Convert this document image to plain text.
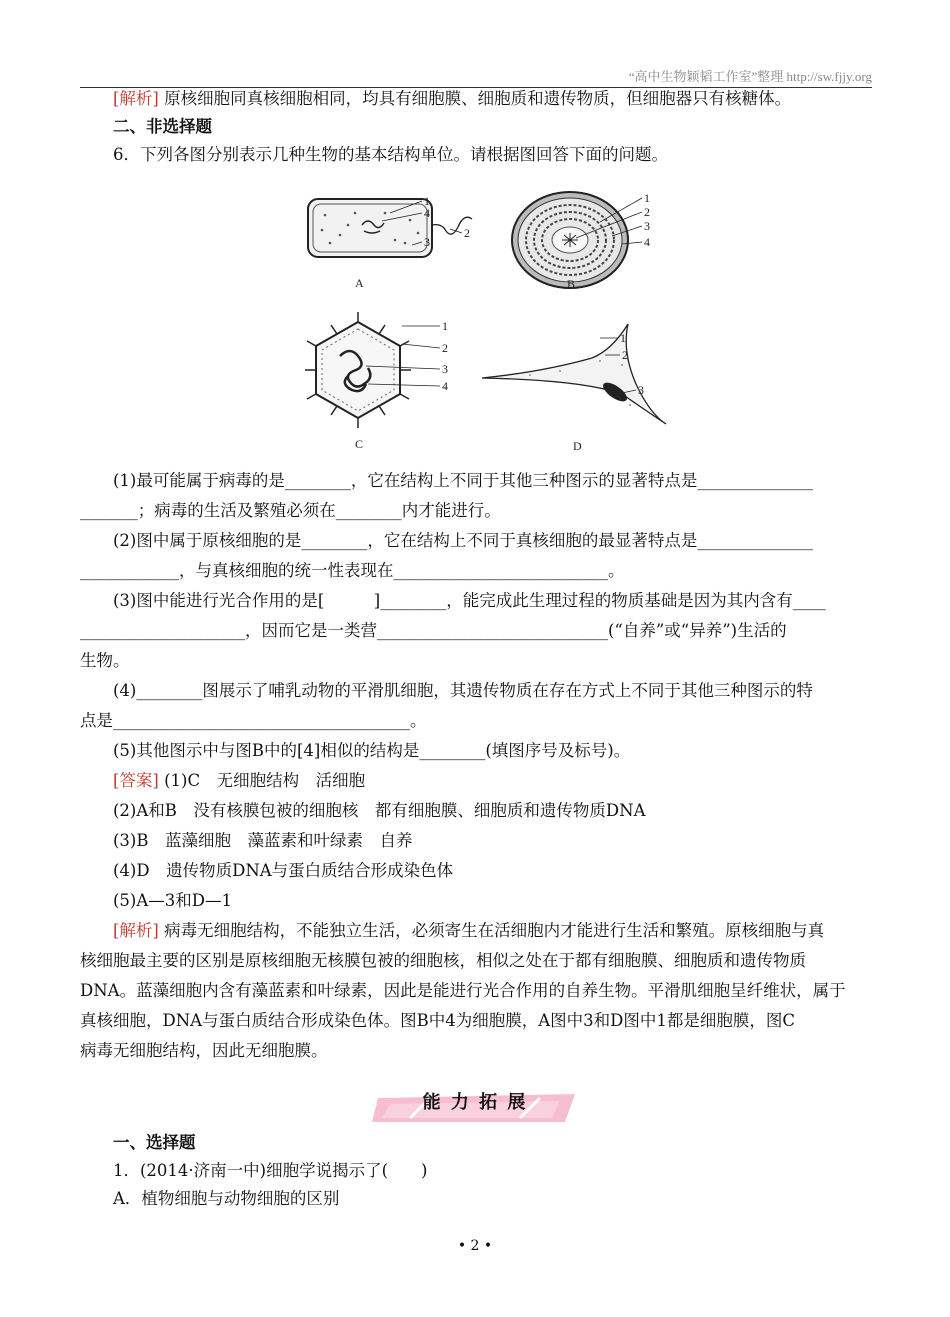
“高中生物颖韬工作室”整理 http://sw.fjjy.org
[解析] 原核细胞同真核细胞相同，均具有细胞膜、细胞质和遗传物质，但细胞器只有核糖体。
二、非选择题
6．下列各图分别表示几种生物的基本结构单位。请根据图回答下面的问题。
1
4
2
3
A
1
2
3
4
B
1
2
3
4
C
1
2
3
D
(1)最可能属于病毒的是________，它在结构上不同于其他三种图示的显著特点是______________
_______；病毒的生活及繁殖必须在________内才能进行。
(2)图中属于原核细胞的是________，它在结构上不同于真核细胞的最显著特点是______________
____________，与真核细胞的统一性表现在__________________________。
(3)图中能进行光合作用的是[　　　]________，能完成此生理过程的物质基础是因为其内含有____
____________________，因而它是一类营____________________________(“自养”或“异养”)生活的
生物。
(4)________图展示了哺乳动物的平滑肌细胞，其遗传物质在存在方式上不同于其他三种图示的特
点是____________________________________。
(5)其他图示中与图B中的[4]相似的结构是________(填图序号及标号)。
[答案] (1)C　无细胞结构　活细胞
(2)A和B　没有核膜包被的细胞核　都有细胞膜、细胞质和遗传物质DNA
(3)B　蓝藻细胞　藻蓝素和叶绿素　自养
(4)D　遗传物质DNA与蛋白质结合形成染色体
(5)A—3和D—1
[解析] 病毒无细胞结构，不能独立生活，必须寄生在活细胞内才能进行生活和繁殖。原核细胞与真
核细胞最主要的区别是原核细胞无核膜包被的细胞核，相似之处在于都有细胞膜、细胞质和遗传物质
DNA。蓝藻细胞内含有藻蓝素和叶绿素，因此是能进行光合作用的自养生物。平滑肌细胞呈纤维状，属于
真核细胞，DNA与蛋白质结合形成染色体。图B中4为细胞膜，A图中3和D图中1都是细胞膜，图C
病毒无细胞结构，因此无细胞膜。
能 力 拓 展
一、选择题
1．(2014·济南一中)细胞学说揭示了(　　)
A．植物细胞与动物细胞的区别
• 2 •
